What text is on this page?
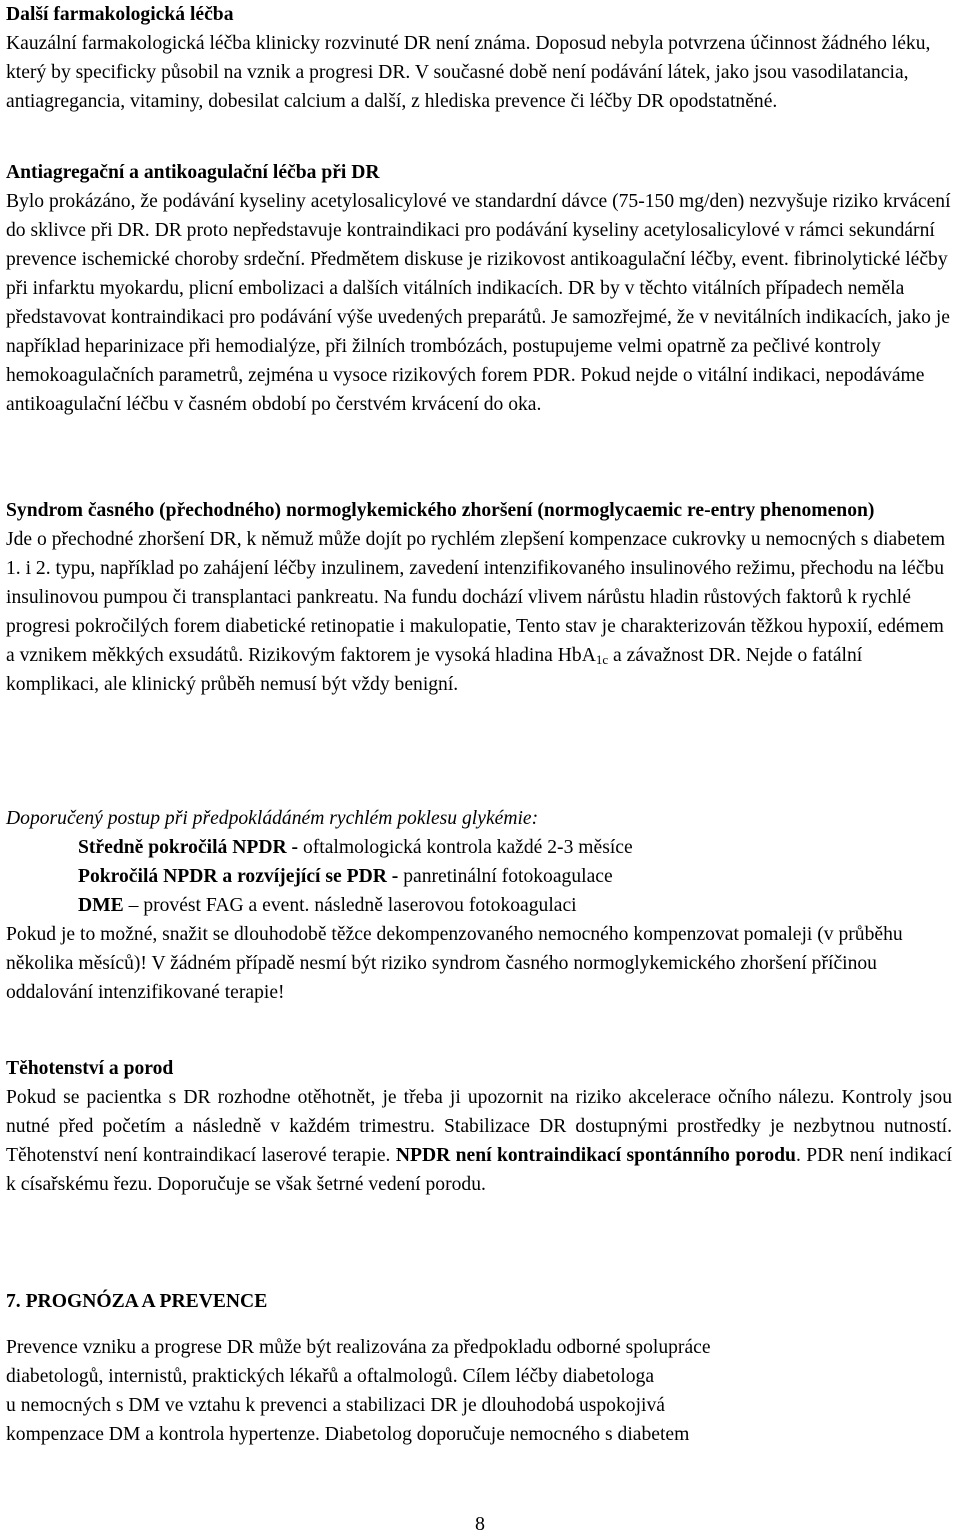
Další farmakologická léčba

Kauzální farmakologická léčba klinicky rozvinuté DR není známa. Doposud nebyla potvrzena účinnost žádného léku, který by specificky působil na vznik a progresi DR. V současné době není podávání látek, jako jsou vasodilatancia, antiagregancia, vitaminy, dobesilat calcium a další, z hlediska prevence či léčby DR opodstatněné.

Antiagregační a antikoagulační léčba při DR

Bylo prokázáno, že podávání kyseliny acetylosalicylové ve standardní dávce (75-150 mg/den) nezvyšuje riziko krvácení do sklivce při DR. DR proto nepředstavuje kontraindikaci pro podávání kyseliny acetylosalicylové v rámci sekundární prevence ischemické choroby srdeční. Předmětem diskuse je rizikovost antikoagulační léčby, event. fibrinolytické léčby při infarktu myokardu, plicní embolizaci a dalších vitálních indikacích. DR by v těchto vitálních případech neměla představovat kontraindikaci pro podávání výše uvedených preparátů. Je samozřejmé, že v nevitálních indikacích, jako je například heparinizace při hemodialýze, při žilních trombózách, postupujeme velmi opatrně za pečlivé kontroly hemokoagulačních parametrů, zejména u vysoce rizikových forem PDR. Pokud nejde o vitální indikaci, nepodáváme antikoagulační léčbu v časném období po čerstvém krvácení do oka.

Syndrom časného (přechodného) normoglykemického zhoršení (normoglycaemic re-entry phenomenon)

Jde o přechodné zhoršení DR, k němuž může dojít po rychlém zlepšení kompenzace cukrovky u nemocných s diabetem 1. i 2. typu, například po zahájení léčby inzulinem, zavedení intenzifikovaného insulinového režimu, přechodu na léčbu insulinovou pumpou či transplantaci pankreatu. Na fundu dochází vlivem nárůstu hladin růstových faktorů k rychlé progresi pokročilých forem diabetické retinopatie i makulopatie, Tento stav je charakterizován těžkou hypoxií, edémem a vznikem měkkých exsudátů. Rizikovým faktorem je vysoká hladina HbA$_{1c}$ a závažnost DR. Nejde o fatální komplikaci, ale klinický průběh nemusí být vždy benigní.

Doporučený postup při předpokládáném rychlém poklesu glykémie:

Středně pokročilá NPDR - oftalmologická kontrola každé 2-3 měsíce

Pokročilá NPDR a rozvíjející se PDR - panretinální fotokoagulace

DME – provést FAG a event. následně laserovou fotokoagulaci

Pokud je to možné, snažit se dlouhodobě těžce dekompenzovaného nemocného kompenzovat pomaleji (v průběhu několika měsíců)! V žádném případě nesmí být riziko syndrom časného normoglykemického zhoršení příčinou oddalování intenzifikované terapie!

Těhotenství a porod

Pokud se pacientka s DR rozhodne otěhotnět, je třeba ji upozornit na riziko akcelerace očního nálezu. Kontroly jsou nutné před početím a následně v každém trimestru. Stabilizace DR dostupnými prostředky je nezbytnou nutností. Těhotenství není kontraindikací laserové terapie. NPDR není kontraindikací spontánního porodu. PDR není indikací k císařskému řezu. Doporučuje se však šetrné vedení porodu.

7. PROGNÓZA A PREVENCE

Prevence vzniku a progrese DR může být realizována za předpokladu odborné spolupráce

diabetologů, internistů, praktických lékařů a oftalmologů. Cílem léčby diabetologa

u nemocných s DM ve vztahu k prevenci a stabilizaci DR je dlouhodobá uspokojivá

kompenzace DM a kontrola hypertenze. Diabetolog doporučuje nemocného s diabetem

8
